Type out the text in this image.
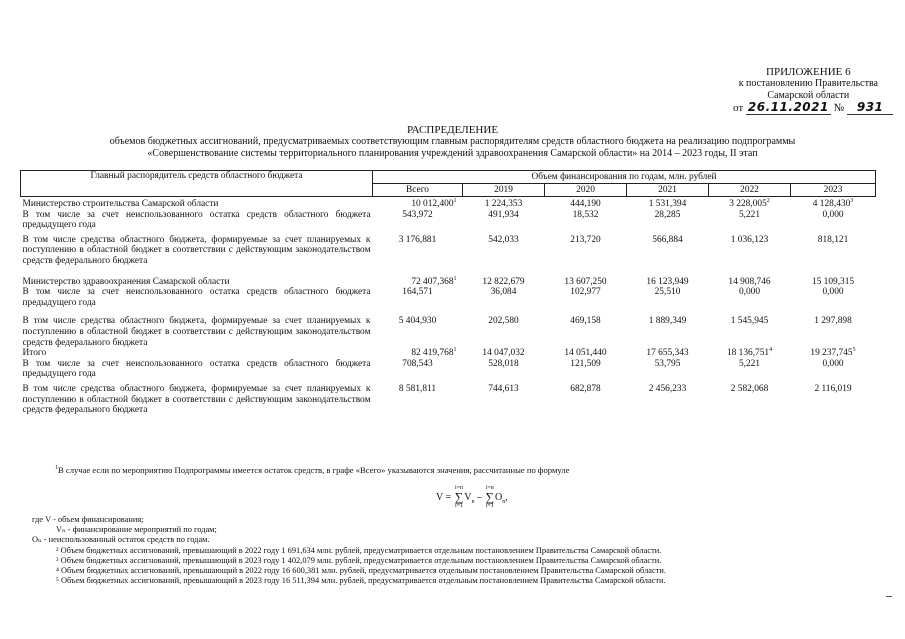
ПРИЛОЖЕНИЕ 6
к постановлению Правительства
Самарской области
от 26.11.2021 № 931
РАСПРЕДЕЛЕНИЕ
объемов бюджетных ассигнований, предусматриваемых соответствующим главным распорядителям средств областного бюджета на реализацию подпрограммы
«Совершенствование системы территориального планирования учреждений здравоохранения Самарской области» на 2014 – 2023 годы, II этап
Главный распорядитель средств областного бюджета	Объем финансирования по годам, млн. рублей					
	Всего	2019	2020	2021	2022	2023
Министерство строительства Самарской области	10 012,400$^1$	1 224,353	444,190	1 531,394	3 228,005$^2$	4 128,430$^3$
В том числе за счет неиспользованного остатка средств областного бюджета предыдущего года	543,972	491,934	18,532	28,285	5,221	0,000
В том числе средства областного бюджета, формируемые за счет планируемых к поступлению в областной бюджет в соответствии с действующим законодательством средств федерального бюджета	3 176,881	542,033	213,720	566,884	1 036,123	818,121
Министерство здравоохранения Самарской области	72 407,368$^1$	12 822,679	13 607,250	16 123,949	14 908,746	15 109,315
В том числе за счет неиспользованного остатка средств областного бюджета предыдущего года	164,571	36,084	102,977	25,510	0,000	0,000
В том числе средства областного бюджета, формируемые за счет планируемых к поступлению в областной бюджет в соответствии с действующим законодательством средств федерального бюджета	5 404,930	202,580	469,158	1 889,349	1 545,945	1 297,898
Итого	82 419,768$^1$	14 047,032	14 051,440	17 655,343	18 136,751$^4$	19 237,745$^5$
В том числе за счет неиспользованного остатка средств областного бюджета предыдущего года	708,543	528,018	121,509	53,795	5,221	0,000
В том числе средства областного бюджета, формируемые за счет планируемых к поступлению в областной бюджет в соответствии с действующим законодательством средств федерального бюджета	8 581,811	744,613	682,878	2 456,233	2 582,068	2 116,019
$^1$В случае если по мероприятию Подпрограммы имеется остаток средств, в графе «Всего» указываются значения, рассчитанные по формуле
V =
i=n
∑
i=1
$V_n$ –
i=n
∑
i=1
$O_n$,
где V - объем финансирования;
Vₙ - финансирование мероприятий по годам;
Oₙ - неиспользованный остаток средств по годам.
² Объем бюджетных ассигнований, превышающий в 2022 году 1 691,634 млн. рублей, предусматривается отдельным постановлением Правительства Самарской области.
³ Объем бюджетных ассигнований, превышающий в 2023 году 1 402,079 млн. рублей, предусматривается отдельным постановлением Правительства Самарской области.
⁴ Объем бюджетных ассигнований, превышающий в 2022 году 16 600,381 млн. рублей, предусматривается отдельным постановлением Правительства Самарской области.
⁵ Объем бюджетных ассигнований, превышающий в 2023 году 16 511,394 млн. рублей, предусматривается отдельным постановлением Правительства Самарской области.
